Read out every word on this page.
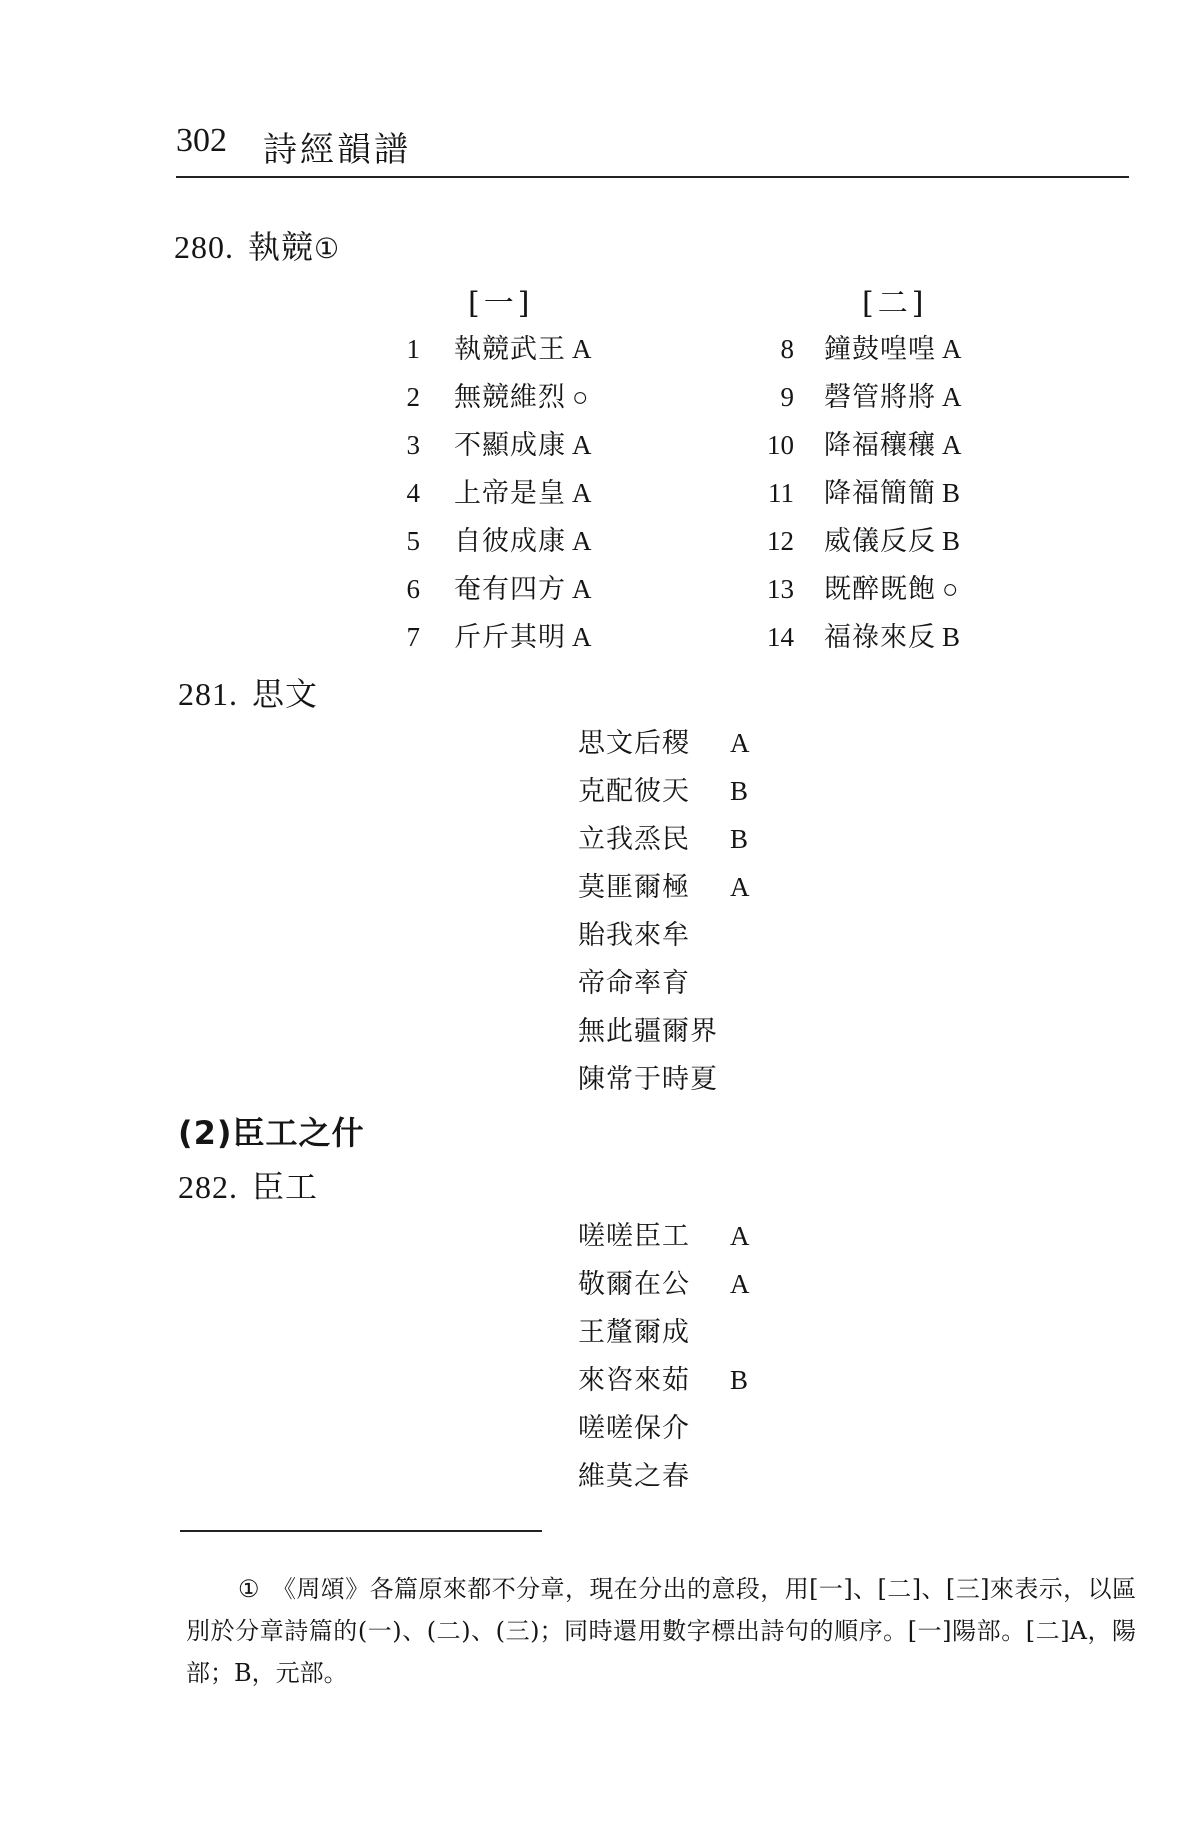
302 詩經韻譜
280. 執競①
[一]	[二]
1 執競武王 A
2 無競維烈 ○
3 不顯成康 A
4 上帝是皇 A
5 自彼成康 A
6 奄有四方 A
7 斤斤其明 A
8 鐘鼓喤喤 A
9 磬管將將 A
10 降福穰穰 A
11 降福簡簡 B
12 威儀反反 B
13 既醉既飽 ○
14 福祿來反 B
281. 思文
思文后稷 A
克配彼天 B
立我烝民 B
莫匪爾極 A
貽我來牟
帝命率育
無此疆爾界
陳常于時夏
(2)臣工之什
282. 臣工
嗟嗟臣工 A
敬爾在公 A
王釐爾成
來咨來茹 B
嗟嗟保介
維莫之春
① 《周頌》各篇原來都不分章，現在分出的意段，用[一]、[二]、[三]來表示，以區別於分章詩篇的(一)、(二)、(三)；同時還用數字標出詩句的順序。[一]陽部。[二]A，陽部；B，元部。
